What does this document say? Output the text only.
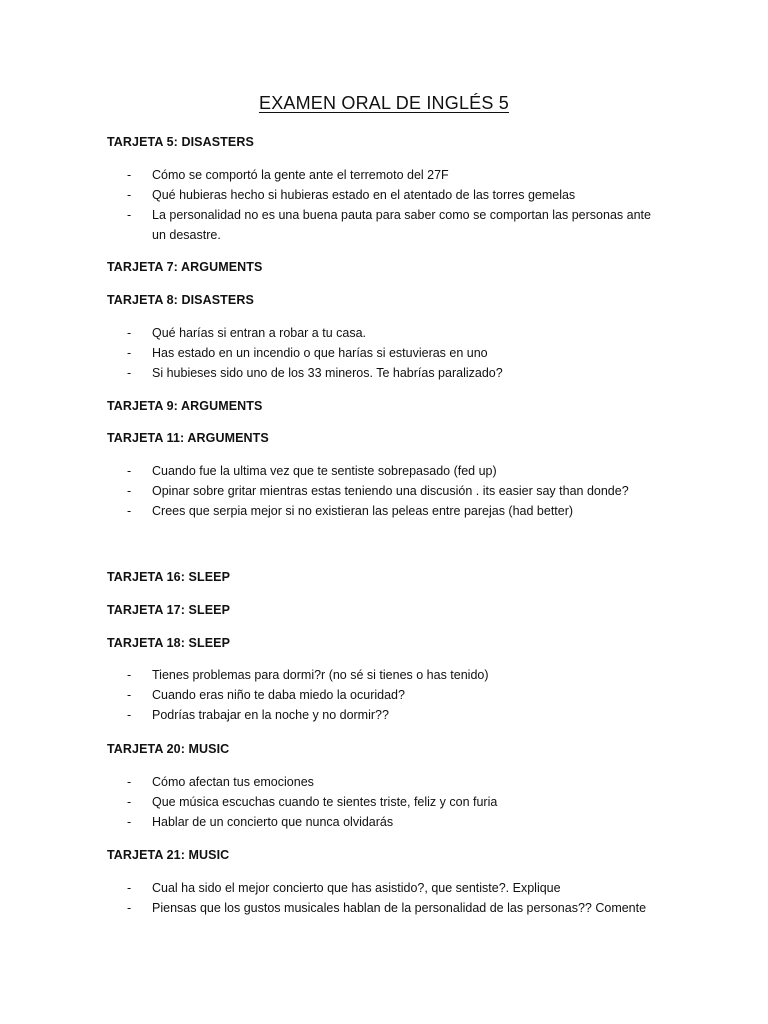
EXAMEN ORAL DE INGLÉS 5
TARJETA 5: DISASTERS
- Cómo se comportó la gente ante el terremoto del 27F
- Qué hubieras hecho si hubieras estado en el atentado de las torres gemelas
- La personalidad no es una buena pauta para saber como se comportan las personas ante un desastre.
TARJETA 7: ARGUMENTS
TARJETA 8: DISASTERS
- Qué harías si entran a robar a tu casa.
- Has estado en un incendio o que harías si estuvieras en uno
- Si hubieses sido uno de los 33 mineros. Te habrías paralizado?
TARJETA 9: ARGUMENTS
TARJETA 11: ARGUMENTS
- Cuando fue la ultima vez que te sentiste sobrepasado (fed up)
- Opinar sobre gritar mientras estas teniendo una discusión . its easier say than donde?
- Crees que serpia mejor si no existieran las peleas entre parejas (had better)
TARJETA 16: SLEEP
TARJETA 17: SLEEP
TARJETA 18: SLEEP
- Tienes problemas para dormi?r (no sé si tienes o has tenido)
- Cuando eras niño te daba miedo la ocuridad?
- Podrías trabajar en la noche y no dormir??
TARJETA 20: MUSIC
- Cómo afectan tus emociones
- Que música escuchas cuando te sientes triste, feliz y con furia
- Hablar de un concierto que nunca olvidarás
TARJETA 21: MUSIC
- Cual ha sido el mejor concierto que has asistido?, que sentiste?. Explique
- Piensas que los gustos musicales hablan de la personalidad de las personas?? Comente
